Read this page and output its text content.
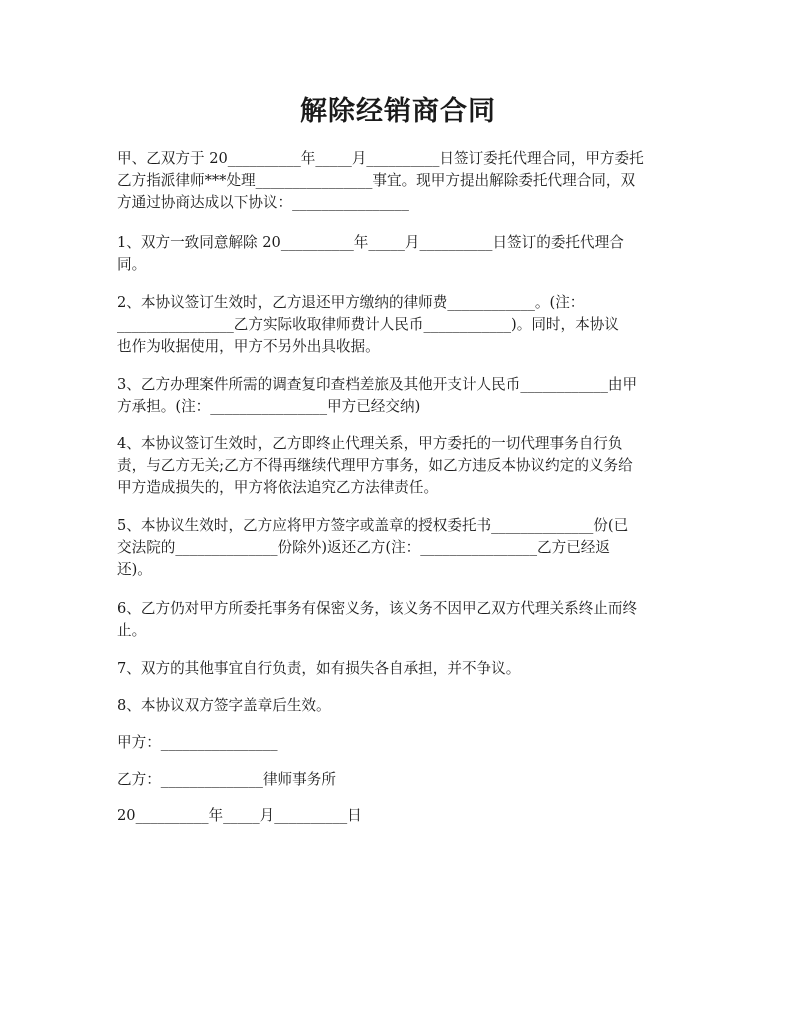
解除经销商合同
甲、乙双方于 20__________年_____月__________日签订委托代理合同，甲方委托
乙方指派律师***处理________________事宜。现甲方提出解除委托代理合同，双
方通过协商达成以下协议：________________
1、双方一致同意解除 20__________年_____月__________日签订的委托代理合
同。
2、本协议签订生效时，乙方退还甲方缴纳的律师费____________。(注：
________________乙方实际收取律师费计人民币____________)。同时，本协议
也作为收据使用，甲方不另外出具收据。
3、乙方办理案件所需的调查复印查档差旅及其他开支计人民币____________由甲
方承担。(注：________________甲方已经交纳)
4、本协议签订生效时，乙方即终止代理关系，甲方委托的一切代理事务自行负
责，与乙方无关;乙方不得再继续代理甲方事务，如乙方违反本协议约定的义务给
甲方造成损失的，甲方将依法追究乙方法律责任。
5、本协议生效时，乙方应将甲方签字或盖章的授权委托书______________份(已
交法院的______________份除外)返还乙方(注：________________乙方已经返
还)。
6、乙方仍对甲方所委托事务有保密义务，该义务不因甲乙双方代理关系终止而终
止。
7、双方的其他事宜自行负责，如有损失各自承担，并不争议。
8、本协议双方签字盖章后生效。
甲方：________________
乙方：______________律师事务所
20__________年_____月__________日
